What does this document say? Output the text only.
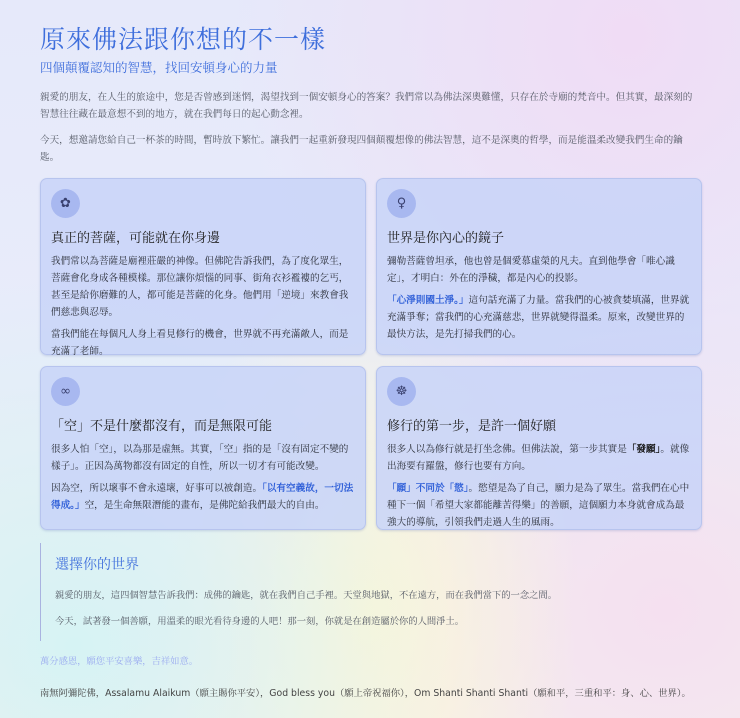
原來佛法跟你想的不一樣
四個顛覆認知的智慧，找回安頓身心的力量

親愛的朋友，在人生的旅途中，您是否曾感到迷惘，渴望找到一個安頓身心的答案？我們常以為佛法深奧難懂，只存在於寺廟的梵音中。但其實，最深刻的智慧往往藏在最意想不到的地方，就在我們每日的起心動念裡。

今天，想邀請您給自己一杯茶的時間，暫時放下繁忙。讓我們一起重新發現四個顛覆想像的佛法智慧，這不是深奧的哲學，而是能溫柔改變我們生命的鑰匙。

✿
真正的菩薩，可能就在你身邊

我們常以為菩薩是廟裡莊嚴的神像。但佛陀告訴我們，為了度化眾生，菩薩會化身成各種模樣。那位讓你煩惱的同事、街角衣衫襤褸的乞丐，甚至是給你磨難的人，都可能是菩薩的化身。他們用「逆境」來教會我們慈悲與忍辱。

當我們能在每個凡人身上看見修行的機會，世界就不再充滿敵人，而是充滿了老師。

♀
世界是你內心的鏡子

彌勒菩薩曾坦承，他也曾是個愛慕虛榮的凡夫。直到他學會「唯心識定」，才明白：外在的淨穢，都是內心的投影。

「心淨則國土淨。」這句話充滿了力量。當我們的心被貪婪填滿，世界就充滿爭奪；當我們的心充滿慈悲，世界就變得溫柔。原來，改變世界的最快方法，是先打掃我們的心。

∞
「空」不是什麼都沒有，而是無限可能

很多人怕「空」，以為那是虛無。其實，「空」指的是「沒有固定不變的樣子」。正因為萬物都沒有固定的自性，所以一切才有可能改變。

因為空，所以壞事不會永遠壞，好事可以被創造。「以有空義故，一切法得成。」空，是生命無限潛能的畫布，是佛陀給我們最大的自由。

☸
修行的第一步，是許一個好願

很多人以為修行就是打坐念佛。但佛法說，第一步其實是「發願」。就像出海要有羅盤，修行也要有方向。

「願」不同於「慾」。慾望是為了自己，願力是為了眾生。當我們在心中種下一個「希望大家都能離苦得樂」的善願，這個願力本身就會成為最強大的導航，引領我們走過人生的風雨。

選擇你的世界

親愛的朋友，這四個智慧告訴我們：成佛的鑰匙，就在我們自己手裡。天堂與地獄，不在遠方，而在我們當下的一念之間。

今天，試著發一個善願，用溫柔的眼光看待身邊的人吧！那一刻，你就是在創造屬於你的人間淨土。

萬分感恩，願您平安喜樂，吉祥如意。

南無阿彌陀佛，Assalamu Alaikum（願主賜你平安），God bless you（願上帝祝福你），Om Shanti Shanti Shanti（願和平，三重和平：身、心、世界）。
